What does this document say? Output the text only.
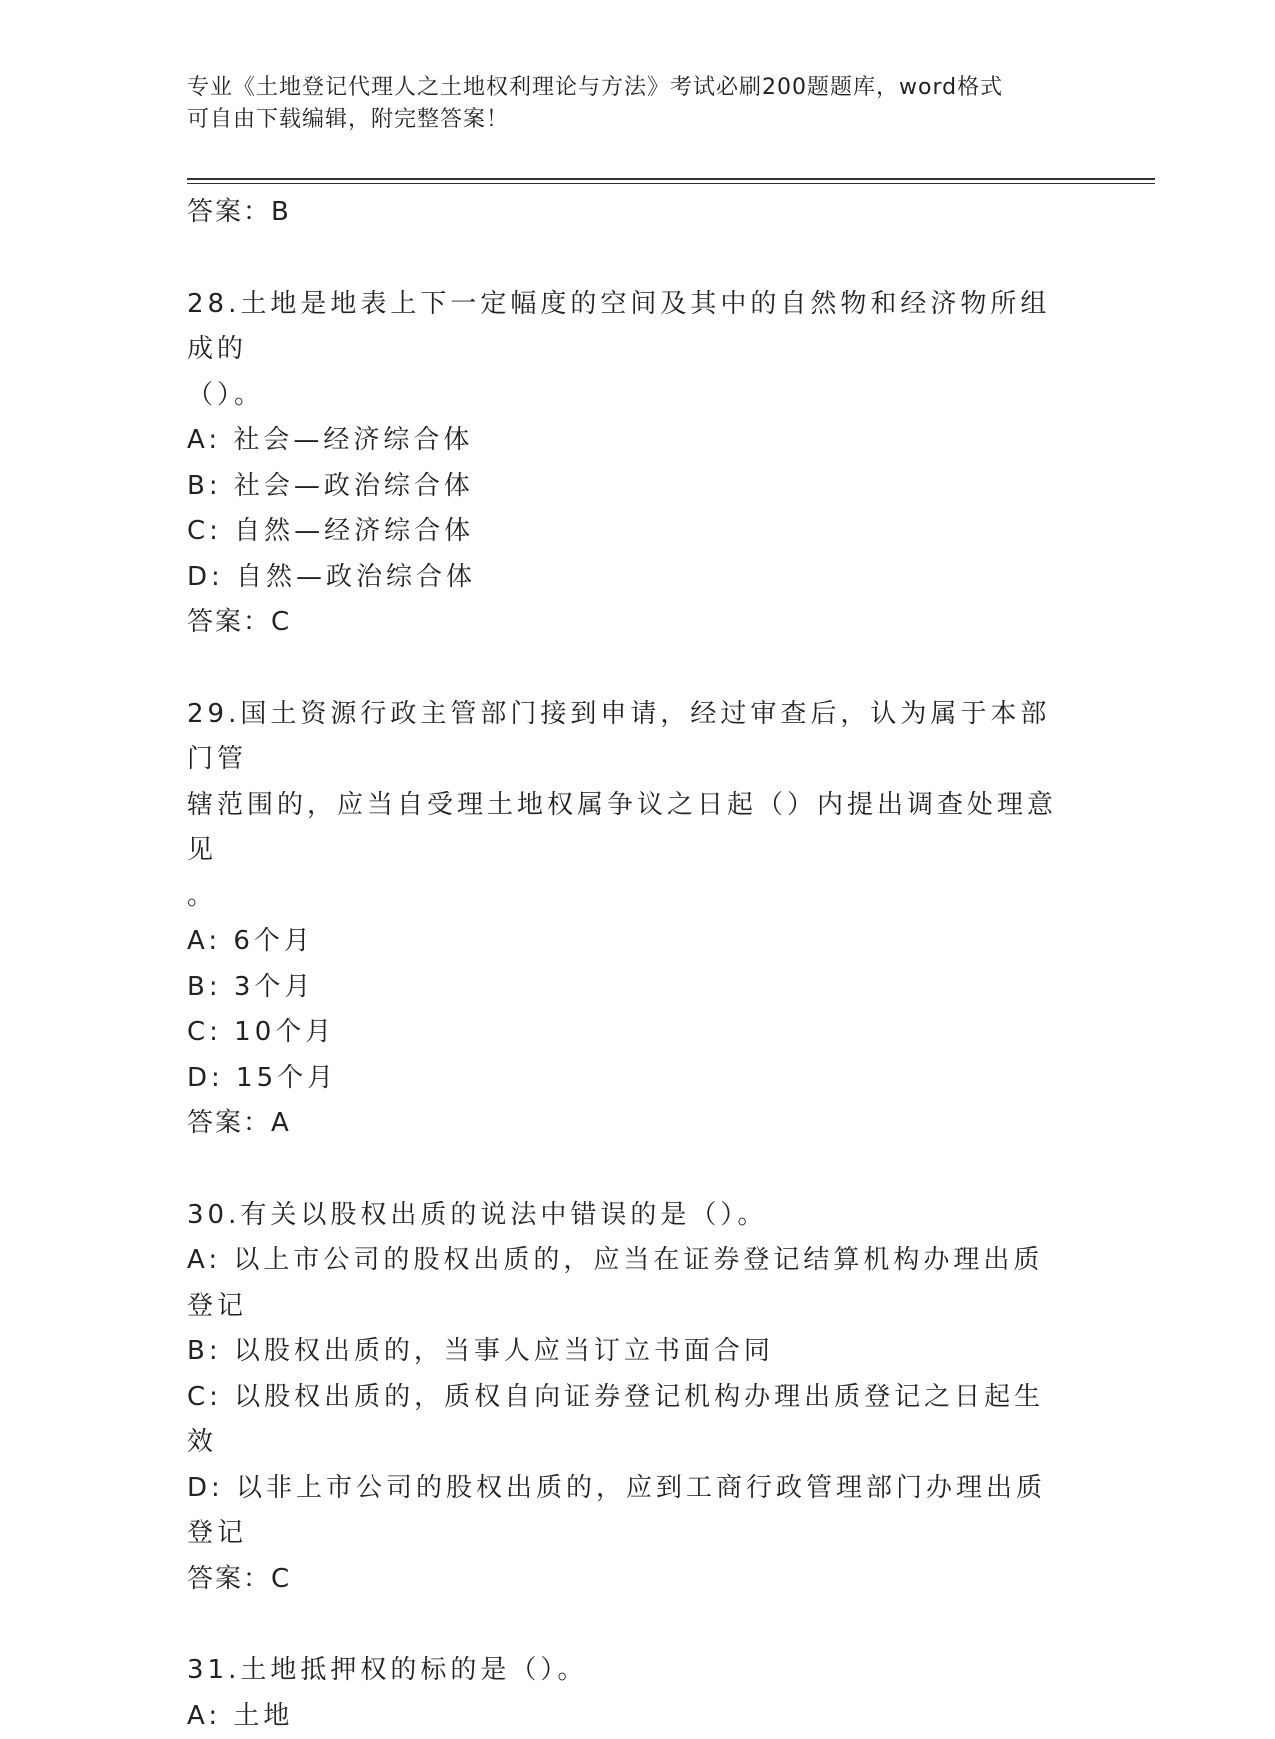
专业《土地登记代理人之土地权利理论与方法》考试必刷200题题库，word格式
可自由下载编辑，附完整答案！

答案：B

28.土地是地表上下一定幅度的空间及其中的自然物和经济物所组成的

（）。

A: 社会—经济综合体

B: 社会—政治综合体

C: 自然—经济综合体

D: 自然—政治综合体

答案：C

29.国土资源行政主管部门接到申请，经过审查后，认为属于本部门管

辖范围的，应当自受理土地权属争议之日起（）内提出调查处理意见

。

A: 6个月

B: 3个月

C: 10个月

D: 15个月

答案：A

30.有关以股权出质的说法中错误的是（）。

A: 以上市公司的股权出质的，应当在证券登记结算机构办理出质登记

B: 以股权出质的，当事人应当订立书面合同

C: 以股权出质的，质权自向证券登记机构办理出质登记之日起生效

D: 以非上市公司的股权出质的，应到工商行政管理部门办理出质登记

答案：C

31.土地抵押权的标的是（）。

A: 土地
